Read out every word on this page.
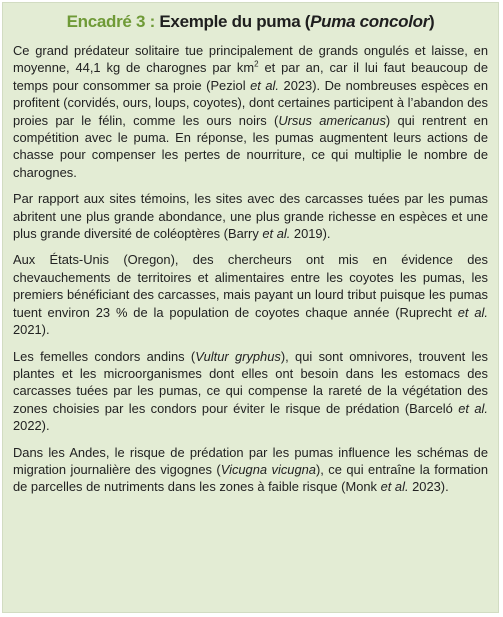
Encadré 3 : Exemple du puma (Puma concolor)

Ce grand prédateur solitaire tue principalement de grands ongulés et laisse, en moyenne, 44,1 kg de charognes par $km^2$ et par an, car il lui faut beaucoup de temps pour consommer sa proie (Peziol et al. 2023). De nombreuses espèces en profitent (corvidés, ours, loups, coyotes), dont certaines participent à l’abandon des proies par le félin, comme les ours noirs (Ursus americanus) qui rentrent en compétition avec le puma. En réponse, les pumas augmentent leurs actions de chasse pour compenser les pertes de nourriture, ce qui multiplie le nombre de charognes.

Par rapport aux sites témoins, les sites avec des carcasses tuées par les pumas abritent une plus grande abondance, une plus grande richesse en espèces et une plus grande diversité de coléoptères (Barry et al. 2019).

Aux États-Unis (Oregon), des chercheurs ont mis en évidence des chevauchements de territoires et alimentaires entre les coyotes les pumas, les premiers bénéficiant des carcasses, mais payant un lourd tribut puisque les pumas tuent environ 23 % de la population de coyotes chaque année (Ruprecht et al. 2021).

Les femelles condors andins (Vultur gryphus), qui sont omnivores, trouvent les plantes et les microorganismes dont elles ont besoin dans les estomacs des carcasses tuées par les pumas, ce qui compense la rareté de la végétation des zones choisies par les condors pour éviter le risque de prédation (Barceló et al. 2022).

Dans les Andes, le risque de prédation par les pumas influence les schémas de migration journalière des vigognes (Vicugna vicugna), ce qui entraîne la formation de parcelles de nutriments dans les zones à faible risque (Monk et al. 2023).
